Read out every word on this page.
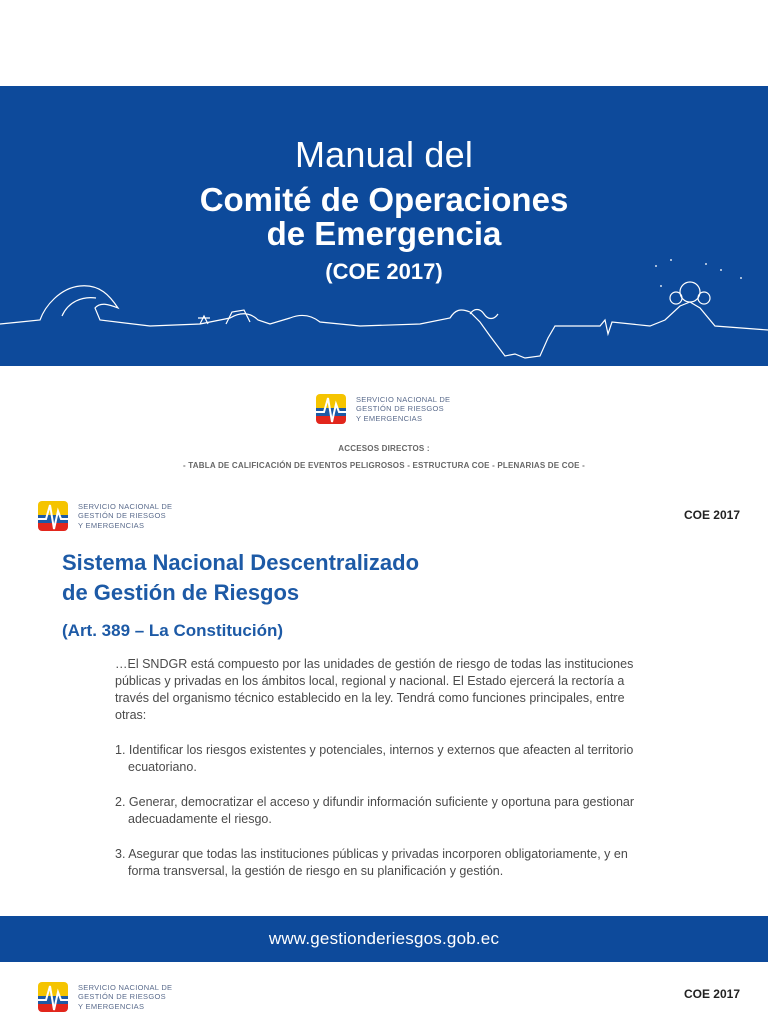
Manual del
Comité de Operaciones
de Emergencia
(COE 2017)
SERVICIO NACIONAL DE
GESTIÓN DE RIESGOS
Y EMERGENCIAS
ACCESOS DIRECTOS :
- TABLA DE CALIFICACIÓN DE EVENTOS PELIGROSOS - ESTRUCTURA COE - PLENARIAS DE COE -
SERVICIO NACIONAL DE
GESTIÓN DE RIESGOS
Y EMERGENCIAS
COE 2017
Sistema Nacional Descentralizado
de Gestión de Riesgos
(Art. 389 – La Constitución)

…El SNDGR está compuesto por las unidades de gestión de riesgo de todas las instituciones públicas y privadas en los ámbitos local, regional y nacional. El Estado ejercerá la rectoría a través del organismo técnico establecido en la ley. Tendrá como funciones principales, entre otras:

1. Identificar los riesgos existentes y potenciales, internos y externos que afeacten al territorio ecuatoriano.

2. Generar, democratizar el acceso y difundir información suficiente y oportuna para gestionar adecuadamente el riesgo.

3. Asegurar que todas las instituciones públicas y privadas incorporen obligatoriamente, y en forma transversal, la gestión de riesgo en su planificación y gestión.

www.gestionderiesgos.gob.ec
SERVICIO NACIONAL DE
GESTIÓN DE RIESGOS
Y EMERGENCIAS
COE 2017
